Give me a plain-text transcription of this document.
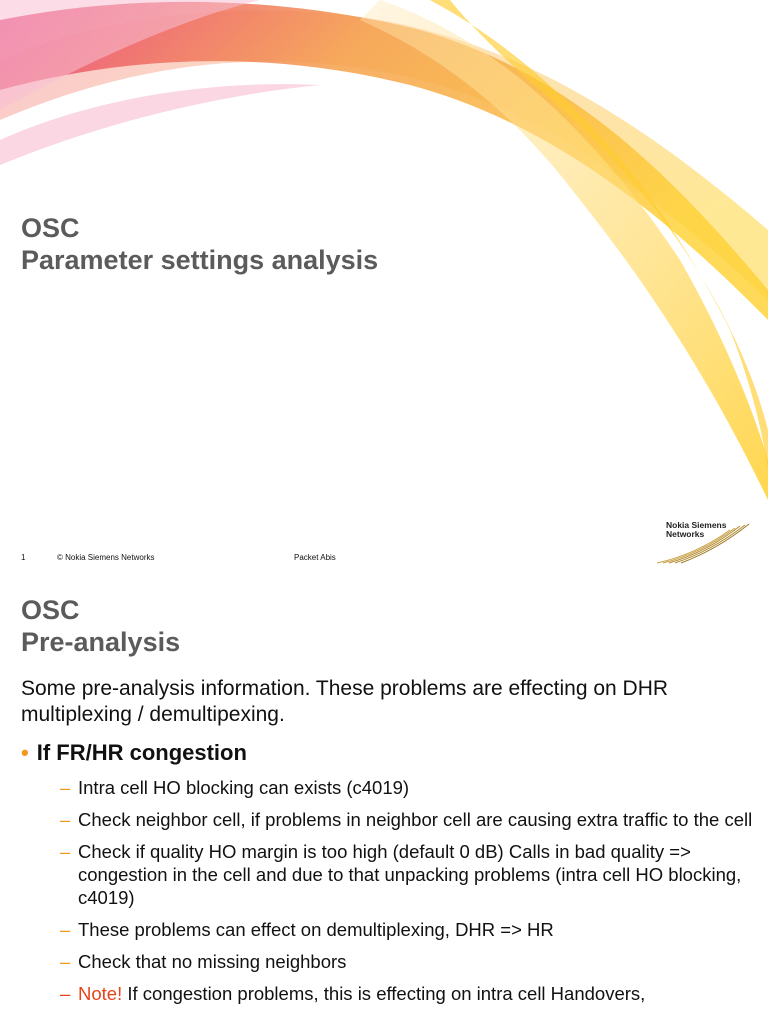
OSC
Parameter settings analysis
1	© Nokia Siemens Networks	Packet Abis
Nokia Siemens
Networks
OSC
Pre-analysis
Some pre-analysis information. These problems are effecting on DHR multiplexing / demultipexing.
• If FR/HR congestion
– Intra cell HO blocking can exists (c4019)
– Check neighbor cell, if problems in neighbor cell are causing extra traffic to the cell
– Check if quality HO margin is too high (default 0 dB) Calls in bad quality => congestion in the cell and due to that unpacking problems (intra cell HO blocking, c4019)
– These problems can effect on demultiplexing, DHR => HR
– Check that no missing neighbors
– Note! If congestion problems, this is effecting on intra cell Handovers,
